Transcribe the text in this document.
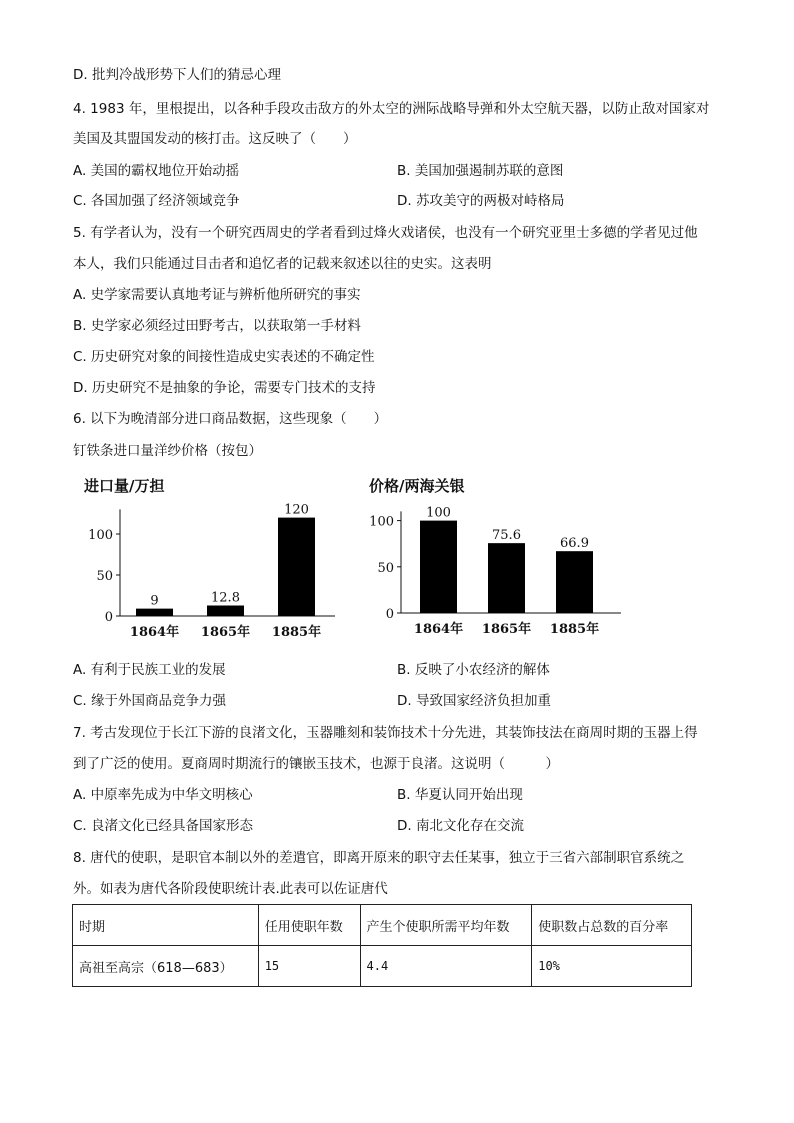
D. 批判冷战形势下人们的猜忌心理
4. 1983 年，里根提出，以各种手段攻击敌方的外太空的洲际战略导弹和外太空航天器，以防止敌对国家对
美国及其盟国发动的核打击。这反映了（　　）
A. 美国的霸权地位开始动摇	B. 美国加强遏制苏联的意图
C. 各国加强了经济领域竞争	D. 苏攻美守的两极对峙格局
5. 有学者认为，没有一个研究西周史的学者看到过烽火戏诸侯，也没有一个研究亚里士多德的学者见过他
本人，我们只能通过目击者和追忆者的记载来叙述以往的史实。这表明
A. 史学家需要认真地考证与辨析他所研究的事实
B. 史学家必须经过田野考古，以获取第一手材料
C. 历史研究对象的间接性造成史实表述的不确定性
D. 历史研究不是抽象的争论，需要专门技术的支持
6. 以下为晚清部分进口商品数据，这些现象（　　）
钉铁条进口量洋纱价格（按包）
进口量/万担
0
50
100
9
1864年
12.8
1865年
120
1885年
价格/两海关银
0
50
100
100
1864年
75.6
1865年
66.9
1885年
A. 有利于民族工业的发展	B. 反映了小农经济的解体
C. 缘于外国商品竞争力强	D. 导致国家经济负担加重
7. 考古发现位于长江下游的良渚文化，玉器雕刻和装饰技术十分先进，其装饰技法在商周时期的玉器上得
到了广泛的使用。夏商周时期流行的镶嵌玉技术，也源于良渚。这说明（　　　）
A. 中原率先成为中华文明核心	B. 华夏认同开始出现
C. 良渚文化已经具备国家形态	D. 南北文化存在交流
8. 唐代的使职，是职官本制以外的差遣官，即离开原来的职守去任某事，独立于三省六部制职官系统之
外。如表为唐代各阶段使职统计表.此表可以佐证唐代
时期	任用使职年数	产生个使职所需平均年数	使职数占总数的百分率
高祖至高宗（618—683）	15	4.4	10%
